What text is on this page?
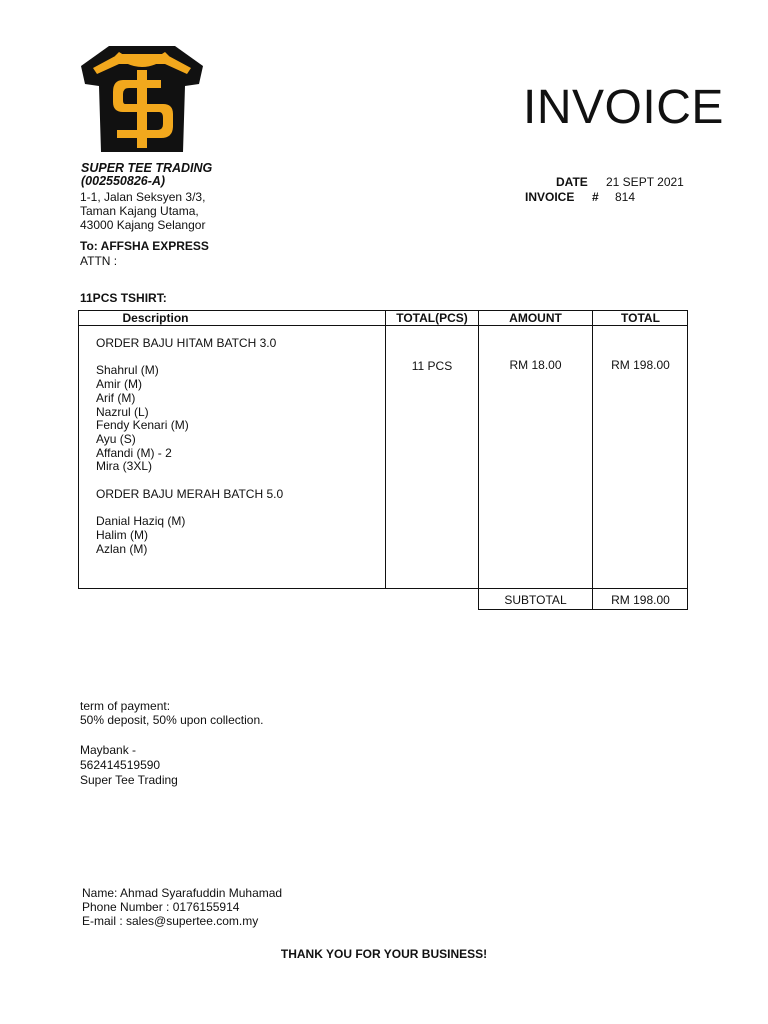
INVOICE
SUPER TEE TRADING
(002550826-A)
1-1, Jalan Seksyen 3/3,
Taman Kajang Utama,
43000 Kajang Selangor
DATE 21 SEPT 2021
INVOICE # 814
To: AFFSHA EXPRESS
ATTN :
11PCS TSHIRT:
Description	TOTAL(PCS)	AMOUNT	TOTAL
ORDER BAJU HITAM BATCH 3.0
Shahrul (M)
Amir (M)
Arif (M)
Nazrul (L)
Fendy Kenari (M)
Ayu (S)
Affandi (M) - 2
Mira (3XL)
ORDER BAJU MERAH BATCH 5.0
Danial Haziq (M)
Halim (M)
Azlan (M)
11 PCS	RM 18.00	RM 198.00
SUBTOTAL	RM 198.00
term of payment:
50% deposit, 50% upon collection.
Maybank -
562414519590
Super Tee Trading
Name: Ahmad Syarafuddin Muhamad
Phone Number : 0176155914
E-mail : sales@supertee.com.my
THANK YOU FOR YOUR BUSINESS!
